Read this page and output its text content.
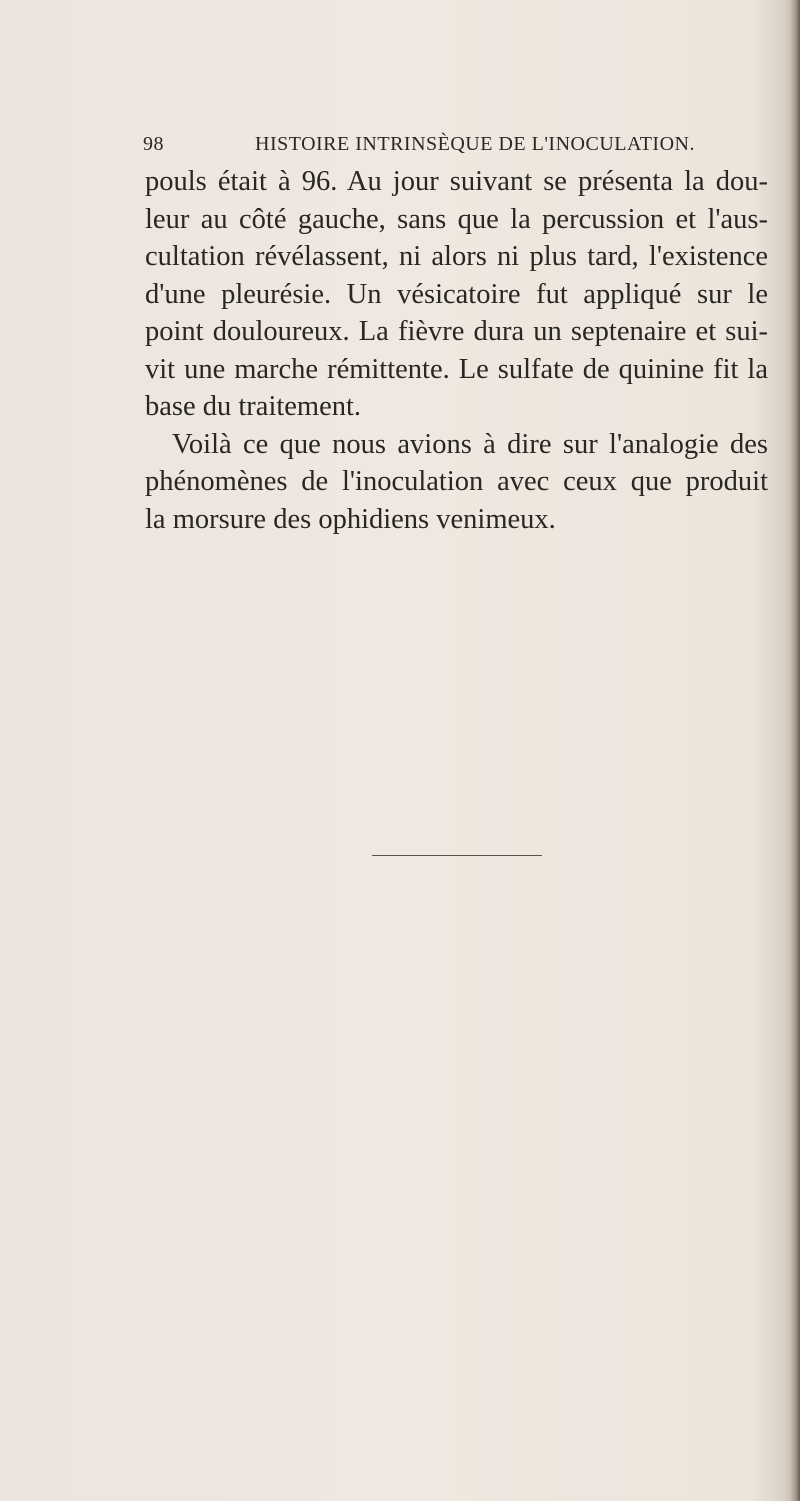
98	HISTOIRE INTRINSÈQUE DE L'INOCULATION.
pouls était à 96. Au jour suivant se présenta la dou-
leur au côté gauche, sans que la percussion et l'aus-
cultation révélassent, ni alors ni plus tard, l'existence
d'une pleurésie. Un vésicatoire fut appliqué sur le
point douloureux. La fièvre dura un septenaire et sui-
vit une marche rémittente. Le sulfate de quinine fit la
base du traitement.
Voilà ce que nous avions à dire sur l'analogie des
phénomènes de l'inoculation avec ceux que produit
la morsure des ophidiens venimeux.
